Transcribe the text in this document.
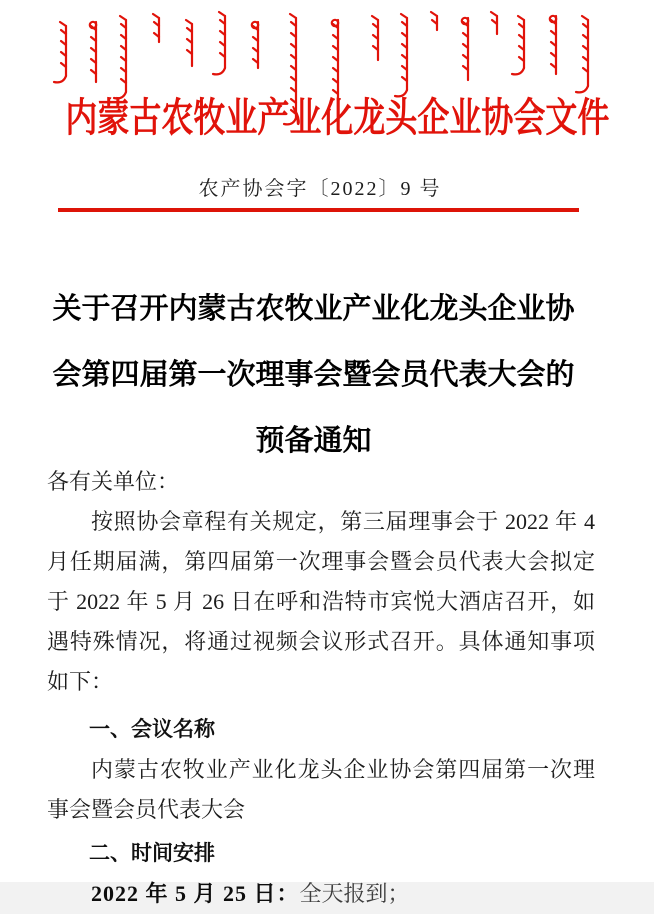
内蒙古农牧业产业化龙头企业协会文件
农产协会字〔2022〕9 号
关于召开内蒙古农牧业产业化龙头企业协
会第四届第一次理事会暨会员代表大会的
预备通知

各有关单位：

按照协会章程有关规定，第三届理事会于 2022 年 4 月任期届满，第四届第一次理事会暨会员代表大会拟定于 2022 年 5 月 26 日在呼和浩特市宾悦大酒店召开，如遇特殊情况，将通过视频会议形式召开。具体通知事项如下：

一、会议名称

内蒙古农牧业产业化龙头企业协会第四届第一次理事会暨会员代表大会

二、时间安排

2022 年 5 月 25 日：全天报到；
